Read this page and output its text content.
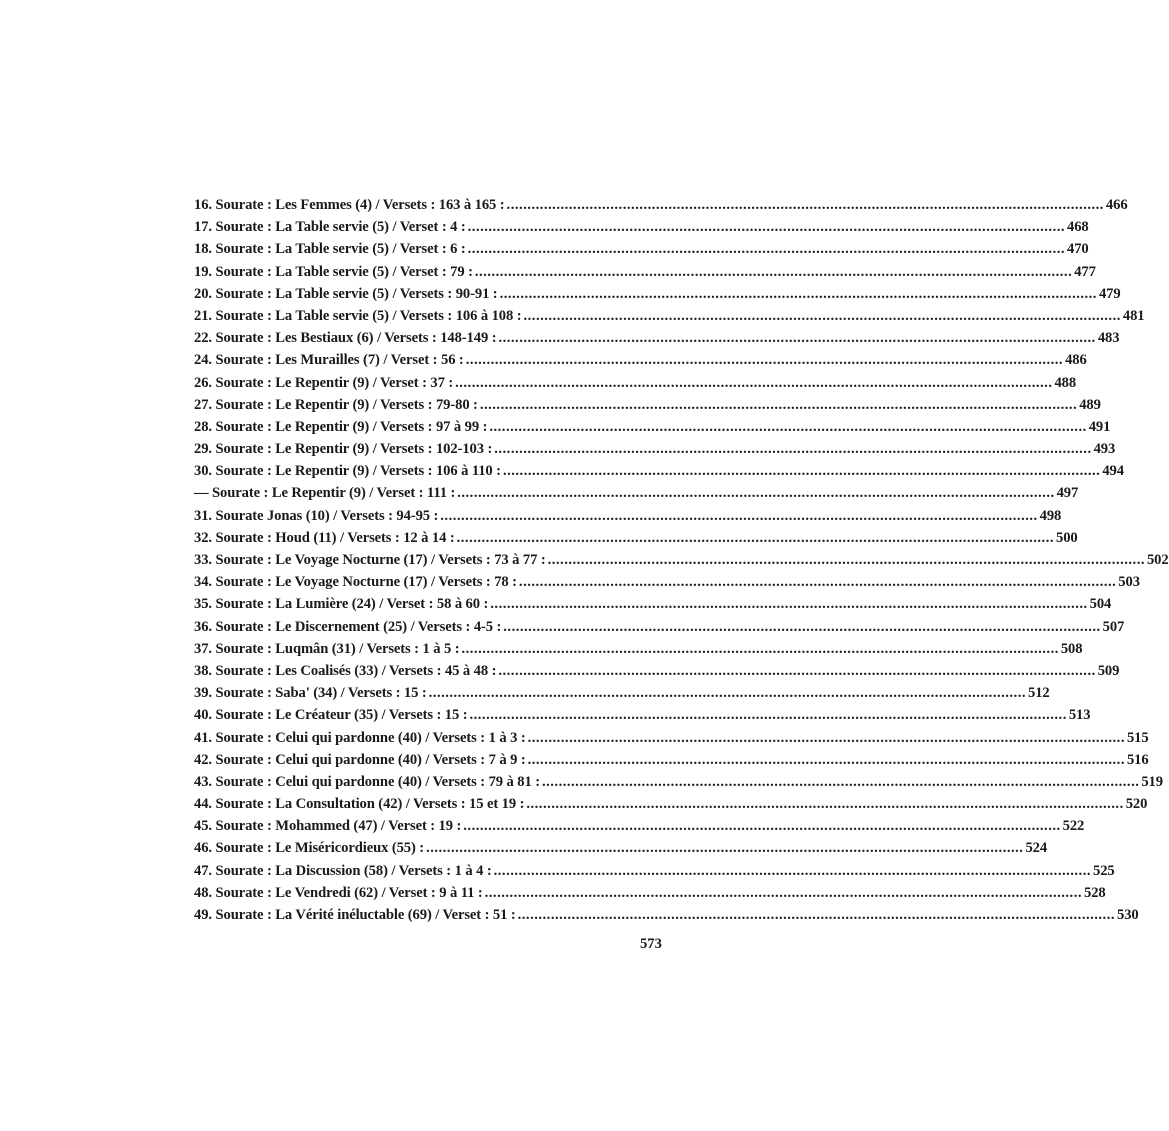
16. Sourate : Les Femmes (4) / Versets : 163 à 165 : .....	466
17. Sourate : La Table servie (5) / Verset : 4 : .....	468
18. Sourate : La Table servie (5) / Verset : 6 : .....	470
19. Sourate : La Table servie (5) / Verset : 79 : .....	477
20. Sourate : La Table servie (5) / Versets : 90-91 : .....	479
21. Sourate : La Table servie (5) / Versets : 106 à 108 : .....	481
22. Sourate : Les Bestiaux (6) / Versets : 148-149 : .....	483
24. Sourate : Les Murailles (7) / Verset : 56 : .....	486
26. Sourate : Le Repentir (9) / Verset : 37 : .....	488
27. Sourate : Le Repentir (9) / Versets : 79-80 : .....	489
28. Sourate : Le Repentir (9) / Versets : 97 à 99 : .....	491
29. Sourate : Le Repentir (9) / Versets : 102-103 : .....	493
30. Sourate : Le Repentir (9) / Versets : 106 à 110 : .....	494
— Sourate : Le Repentir (9) / Verset : 111 : .....	497
31. Sourate Jonas (10) / Versets : 94-95 : .....	498
32. Sourate : Houd (11) / Versets : 12 à 14 : .....	500
33. Sourate : Le Voyage Nocturne (17) / Versets : 73 à 77 : .....	502
34. Sourate : Le Voyage Nocturne (17) / Versets : 78 : .....	503
35. Sourate : La Lumière (24) / Verset : 58 à 60 : .....	504
36. Sourate : Le Discernement (25) / Versets : 4-5 : .....	507
37. Sourate : Luqmân (31) / Versets : 1 à 5 : .....	508
38. Sourate : Les Coalisés (33) / Versets : 45 à 48 : .....	509
39. Sourate : Saba' (34) / Versets : 15 : .....	512
40. Sourate : Le Créateur (35) / Versets : 15 : .....	513
41. Sourate : Celui qui pardonne (40) / Versets : 1 à 3 : .....	515
42. Sourate : Celui qui pardonne (40) / Versets : 7 à 9 : .....	516
43. Sourate : Celui qui pardonne (40) / Versets : 79 à 81 : .....	519
44. Sourate : La Consultation (42) / Versets : 15 et 19 : .....	520
45. Sourate : Mohammed (47) / Verset : 19 : .....	522
46. Sourate : Le Miséricordieux (55) : .....	524
47. Sourate : La Discussion (58) / Versets : 1 à 4 : .....	525
48. Sourate : Le Vendredi (62) / Verset : 9 à 11 : .....	528
49. Sourate : La Vérité inéluctable (69) / Verset : 51 : .....	530
573
